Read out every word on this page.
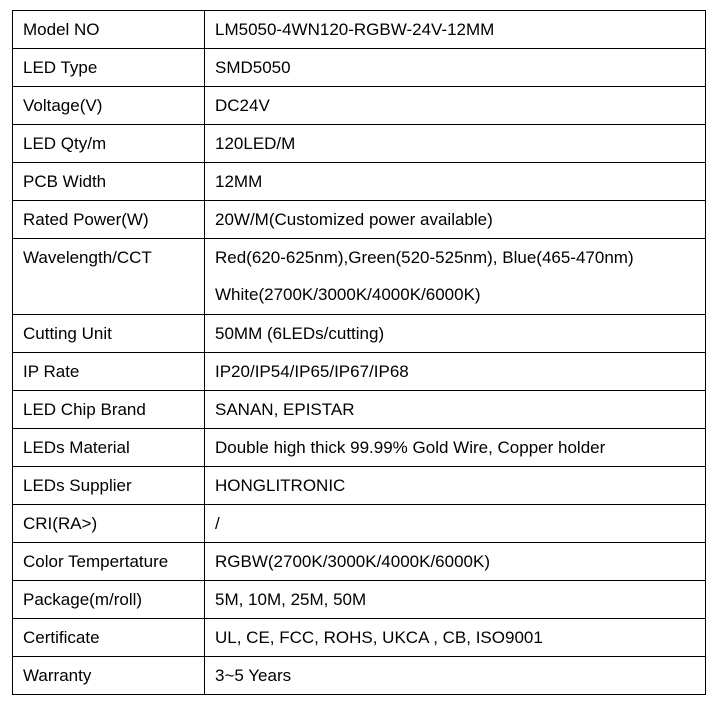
Model NO	LM5050-4WN120-RGBW-24V-12MM
LED Type	SMD5050
Voltage(V)	DC24V
LED Qty/m	120LED/M
PCB Width	12MM
Rated Power(W)	20W/M(Customized power available)

Wavelength/CCT	Red(620-625nm),Green(520-525nm), Blue(465-470nm)
White(2700K/3000K/4000K/6000K)

Cutting Unit	50MM (6LEDs/cutting)
IP Rate	IP20/IP54/IP65/IP67/IP68
LED Chip Brand	SANAN, EPISTAR
LEDs Material	Double high thick 99.99% Gold Wire, Copper holder
LEDs Supplier	HONGLITRONIC
CRI(RA>)	/
Color Tempertature	RGBW(2700K/3000K/4000K/6000K)
Package(m/roll)	5M, 10M, 25M, 50M
Certificate	UL, CE, FCC, ROHS, UKCA , CB, ISO9001
Warranty	3~5 Years
